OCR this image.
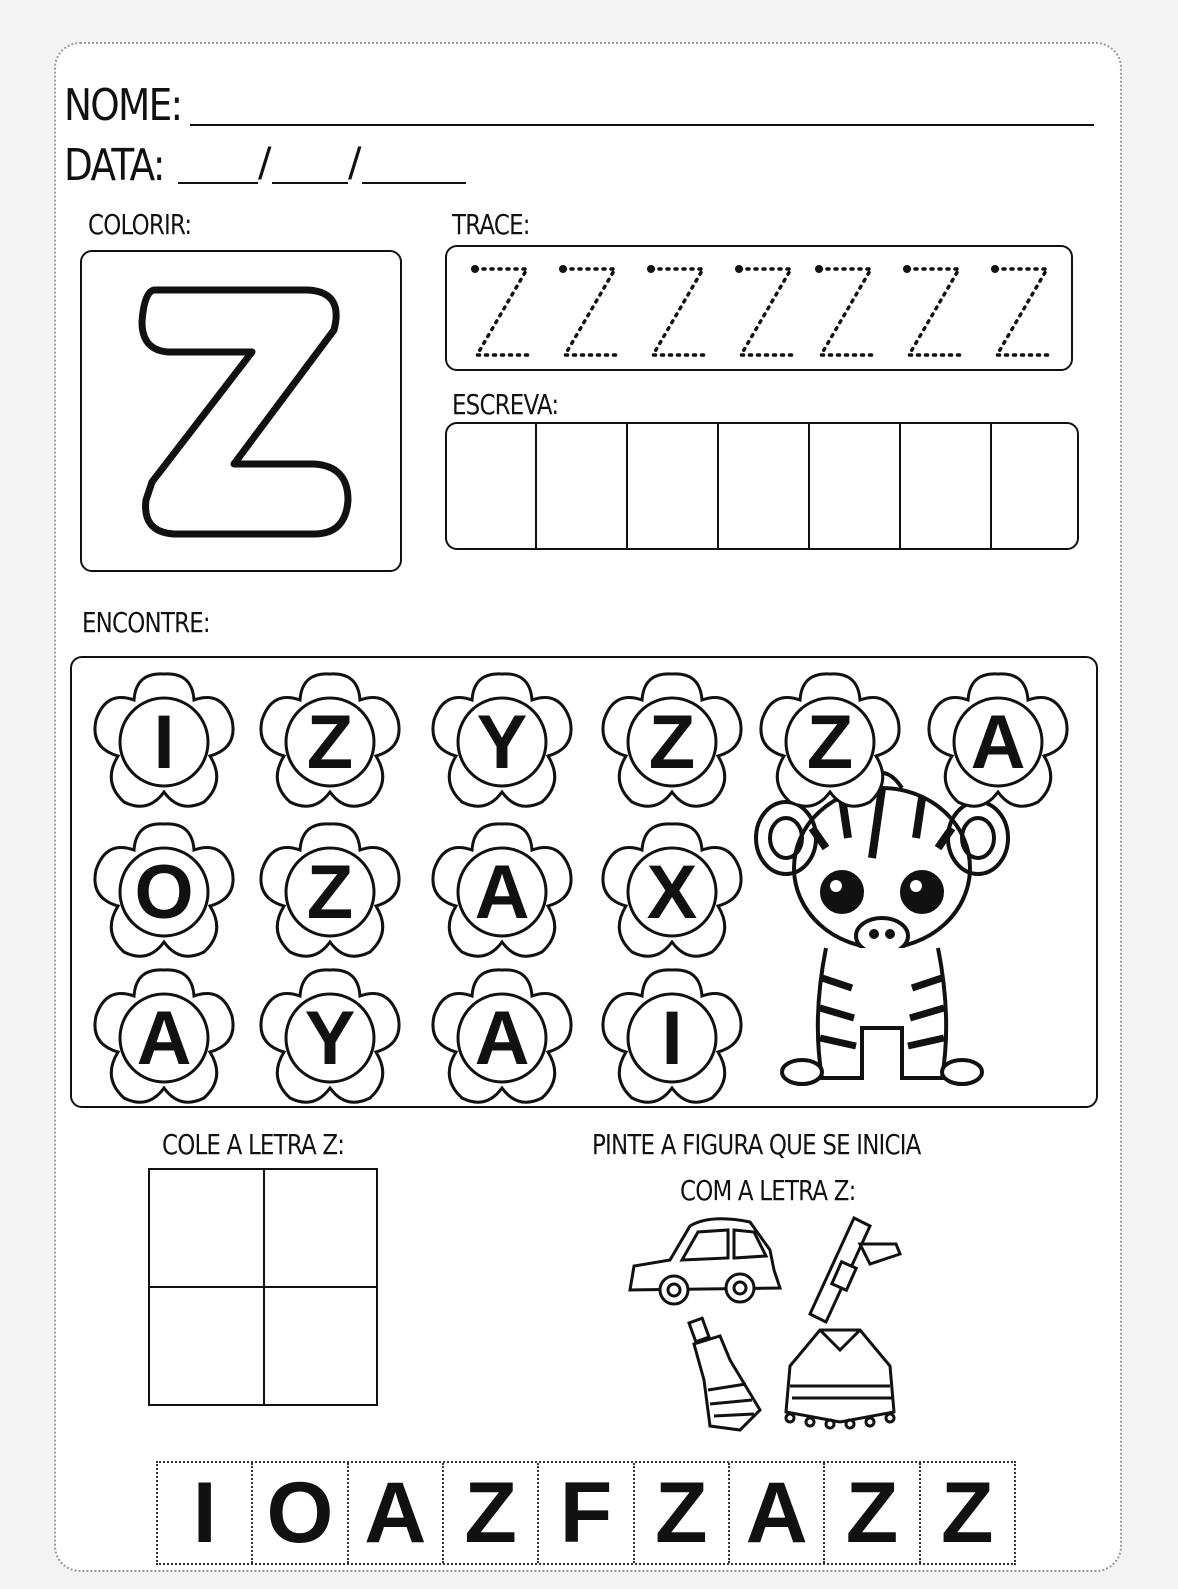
NOME:
DATA: / /
COLORIR:	TRACE:
ESCREVA:
ENCONTRE:
I Z Y Z Z A
O Z A X
A Y A I
COLE A LETRA Z:	PINTE A FIGURA QUE SE INICIA
COM A LETRA Z:
I O A Z F Z A Z Z
